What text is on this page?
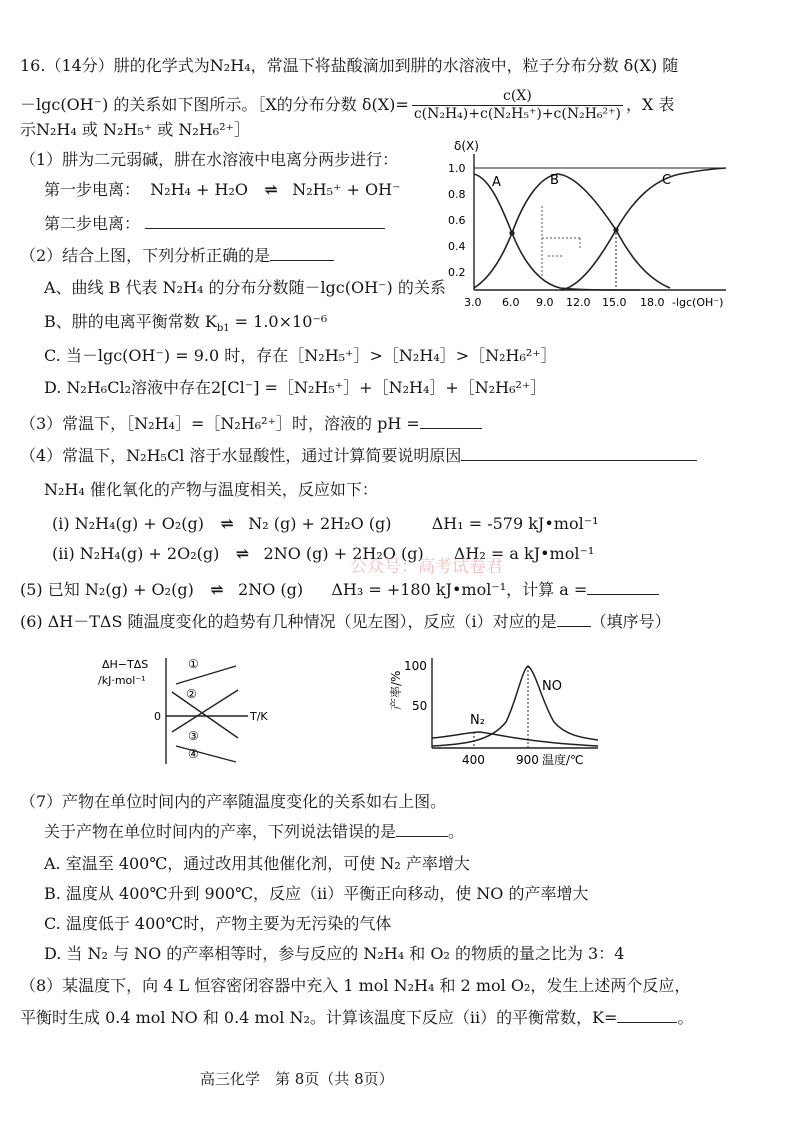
16.（14分）肼的化学式为N₂H₄，常温下将盐酸滴加到肼的水溶液中，粒子分布分数 δ(X) 随
－lgc(OH⁻) 的关系如下图所示。［X的分布分数 $\delta(X)= \frac{c(X)}{\text{c(N₂H₄)+c(N₂H₅⁺)+c(N₂H₆²⁺)}}$ ，X 表
示N₂H₄ 或 N₂H₅⁺ 或 N₂H₆²⁺］
（1）肼为二元弱碱，肼在水溶液中电离分两步进行：
第一步电离： N₂H₄ + H₂O ⇌ N₂H₅⁺ + OH⁻
第二步电离：
（2）结合上图，下列分析正确的是
A、曲线 B 代表 N₂H₄ 的分布分数随－lgc(OH⁻) 的关系
B、肼的电离平衡常数 $K_{b1} = 1.0\times 10^{-6}$
C. 当－lgc(OH⁻) = 9.0 时，存在［N₂H₅⁺］>［N₂H₄］>［N₂H₆²⁺］
D. N₂H₆Cl₂溶液中存在2[Cl⁻] =［N₂H₅⁺］+［N₂H₄］+［N₂H₆²⁺］
（3）常温下，［N₂H₄］=［N₂H₆²⁺］时，溶液的 pH =
（4）常温下，N₂H₅Cl 溶于水显酸性，通过计算简要说明原因
N₂H₄ 催化氧化的产物与温度相关，反应如下：
(i) N₂H₄(g) + O₂(g) ⇌ N₂ (g) + 2H₂O (g)	ΔH₁ = -579 kJ•mol⁻¹
(ii) N₂H₄(g) + 2O₂(g) ⇌ 2NO (g) + 2H₂O (g) ΔH₂ = a kJ•mol⁻¹
公众号：高考试卷君
(5) 已知 N₂(g) + O₂(g) ⇌ 2NO (g) ΔH₃ = +180 kJ•mol⁻¹，计算 a =
(6) ΔH－TΔS 随温度变化的趋势有几种情况（见左图），反应（i）对应的是 （填序号）
δ(X)
1.0
0.8
0.6
0.4
0.2
3.0 6.0 9.0 12.0 15.0 18.0 -lgc(OH⁻)
A	B	C
ΔH−TΔS
/kJ·mol⁻¹
0	T/K
①
②
③
④
产率/%
100
50
N₂
NO
400	900 温度/℃
（7）产物在单位时间内的产率随温度变化的关系如右上图。
关于产物在单位时间内的产率，下列说法错误的是	。
A. 室温至 400℃，通过改用其他催化剂，可使 N₂ 产率增大
B. 温度从 400℃升到 900℃，反应（ii）平衡正向移动，使 NO 的产率增大
C. 温度低于 400℃时，产物主要为无污染的气体
D. 当 N₂ 与 NO 的产率相等时，参与反应的 N₂H₄ 和 O₂ 的物质的量之比为 3：4
（8）某温度下，向 4 L 恒容密闭容器中充入 1 mol N₂H₄ 和 2 mol O₂，发生上述两个反应，
平衡时生成 0.4 mol NO 和 0.4 mol N₂。计算该温度下反应（ii）的平衡常数，K=	。
高三化学　第 8页（共 8页）
